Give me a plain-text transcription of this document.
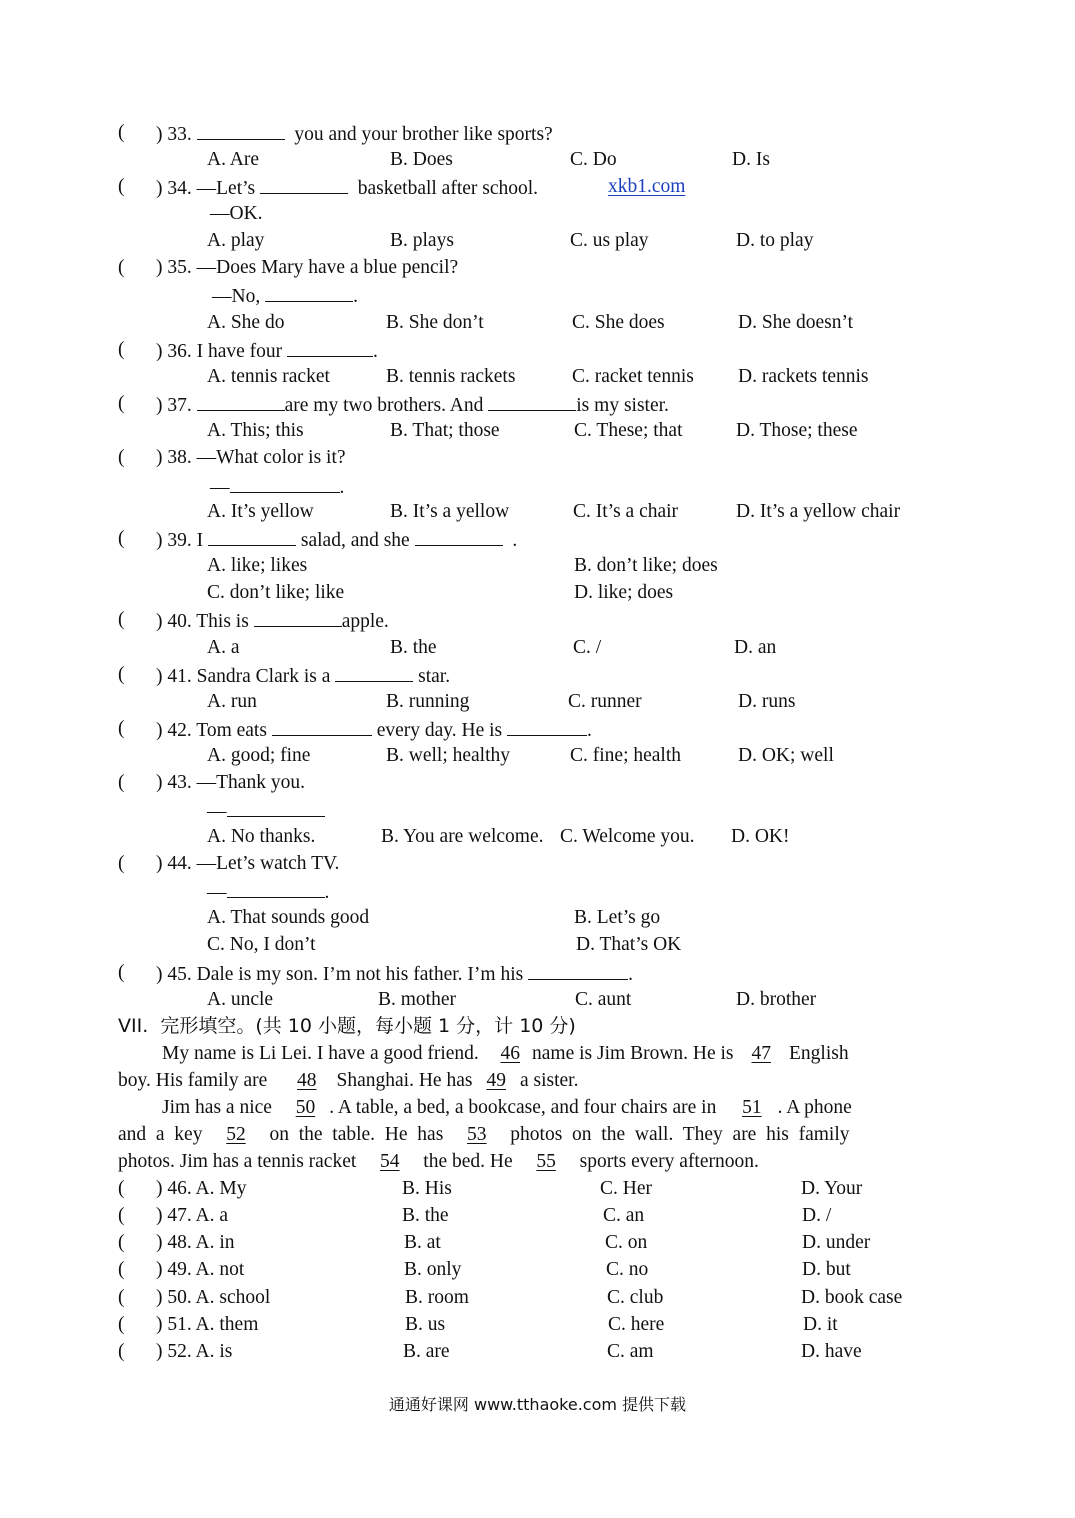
( ) 33.	you and your brother like sports?
A. Are	B. Does	C. Do	D. Is
( ) 34. —Let’s	basketball after school.	xkb1.com
—OK.
A. play	B. plays	C. us play	D. to play
( ) 35. —Does Mary have a blue pencil?
—No,	.
A. She do	B. She don’t	C. She does	D. She doesn’t
( ) 36. I have four	.
A. tennis racket	B. tennis rackets	C. racket tennis D. rackets tennis
( ) 37.	are my two brothers. And	is my sister.
A. This; this	B. That; those	C. These; that	D. Those; these
( ) 38. —What color is it?
—	.
A. It’s yellow	B. It’s a yellow	C. It’s a chair	D. It’s a yellow chair
( ) 39. I	salad, and she	.
A. like; likes	B. don’t like; does
C. don’t like; like	D. like; does
( ) 40. This is	apple.
A. a	B. the	C. /	D. an
( ) 41. Sandra Clark is a	star.
A. run	B. running	C. runner	D. runs
( ) 42. Tom eats	every day. He is	.
A. good; fine	B. well; healthy	C. fine; health	D. OK; well
( ) 43. —Thank you.
—
A. No thanks.	B. You are welcome. C. Welcome you. D. OK!
( ) 44. —Let’s watch TV.
—	.
A. That sounds good	B. Let’s go
C. No, I don’t	D. That’s OK
( ) 45. Dale is my son. I’m not his father. I’m his	.
A. uncle	B. mother	C. aunt	D. brother
VII.  完形填空。(共 10 小题，每小题 1 分，计 10 分)
My name is Li Lei. I have a good friend. 46 name is Jim Brown. He is 47 English
boy. His family are 48 Shanghai. He has 49 a sister.
Jim has a nice 50 . A table, a bed, a bookcase, and four chairs are in 51 . A phone
and  a  key 52 on  the  table.  He  has 53 photos  on  the  wall.  They  are  his  family
photos. Jim has a tennis racket 54 the bed. He 55 sports every afternoon.
( ) 46. A. My	B. His	C. Her	D. Your
( ) 47. A. a	B. the	C. an	D. /
( ) 48. A. in	B. at	C. on	D. under
( ) 49. A. not	B. only	C. no	D. but
( ) 50. A. school	B. room	C. club	D. book case
( ) 51. A. them	B. us	C. here	D. it
( ) 52. A. is	B. are	C. am	D. have
通通好课网 www.tthaoke.com 提供下载
